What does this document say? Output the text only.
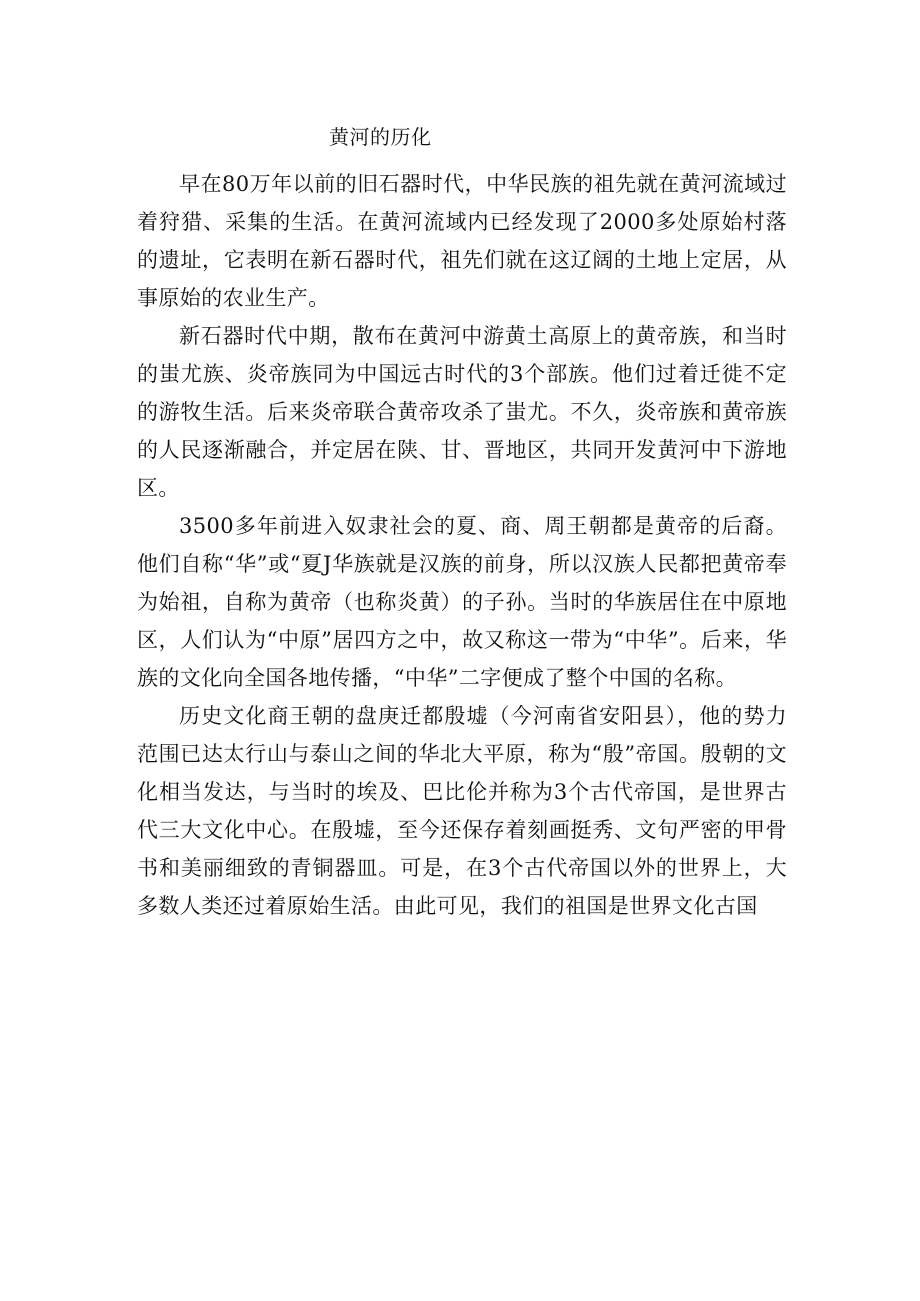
黄河的历化

早在80万年以前的旧石器时代，中华民族的祖先就在黄河流域过着狩猎、采集的生活。在黄河流域内已经发现了2000多处原始村落的遗址，它表明在新石器时代，祖先们就在这辽阔的土地上定居，从事原始的农业生产。

新石器时代中期，散布在黄河中游黄土高原上的黄帝族，和当时的蚩尤族、炎帝族同为中国远古时代的3个部族。他们过着迁徙不定的游牧生活。后来炎帝联合黄帝攻杀了蚩尤。不久，炎帝族和黄帝族的人民逐渐融合，并定居在陕、甘、晋地区，共同开发黄河中下游地区。

3500多年前进入奴隶社会的夏、商、周王朝都是黄帝的后裔。他们自称“华”或“夏J华族就是汉族的前身，所以汉族人民都把黄帝奉为始祖，自称为黄帝（也称炎黄）的子孙。当时的华族居住在中原地区，人们认为“中原”居四方之中，故又称这一带为“中华”。后来，华族的文化向全国各地传播，“中华”二字便成了整个中国的名称。

历史文化商王朝的盘庚迁都殷墟（今河南省安阳县），他的势力范围已达太行山与泰山之间的华北大平原，称为“殷”帝国。殷朝的文化相当发达，与当时的埃及、巴比伦并称为3个古代帝国，是世界古代三大文化中心。在殷墟，至今还保存着刻画挺秀、文句严密的甲骨书和美丽细致的青铜器皿。可是，在3个古代帝国以外的世界上，大多数人类还过着原始生活。由此可见，我们的祖国是世界文化古国
